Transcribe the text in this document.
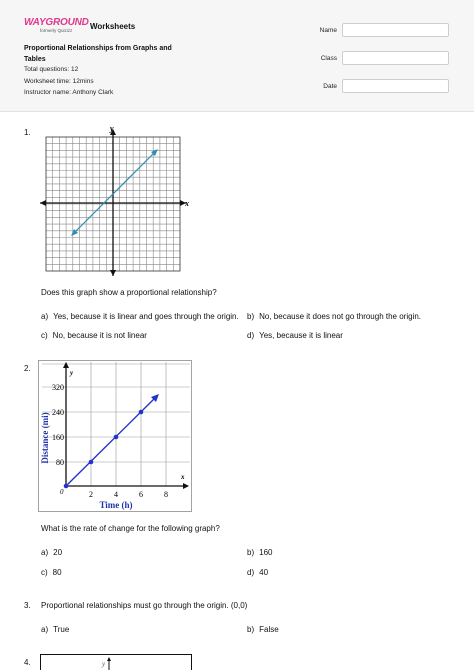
WAYGROUND
formerly Quizizz Worksheets
Proportional Relationships from Graphs and Tables
Total questions: 12
Worksheet time: 12mins
Instructor name: Anthony Clark
Name
Class
Date
1.	y
x
Does this graph show a proportional relationship?
a) Yes, because it is linear and goes through the origin. b) No, because it does not go through the origin.
c) No, because it is not linear	d) Yes, because it is linear
2.	y
x
0	2	4	6	8
80
160
240
320
Time (h)
Distance (mi)
What is the rate of change for the following graph?
a) 20	b) 160
c) 80	d) 40
3. Proportional relationships must go through the origin. (0,0)
a) True	b) False
4.	y
